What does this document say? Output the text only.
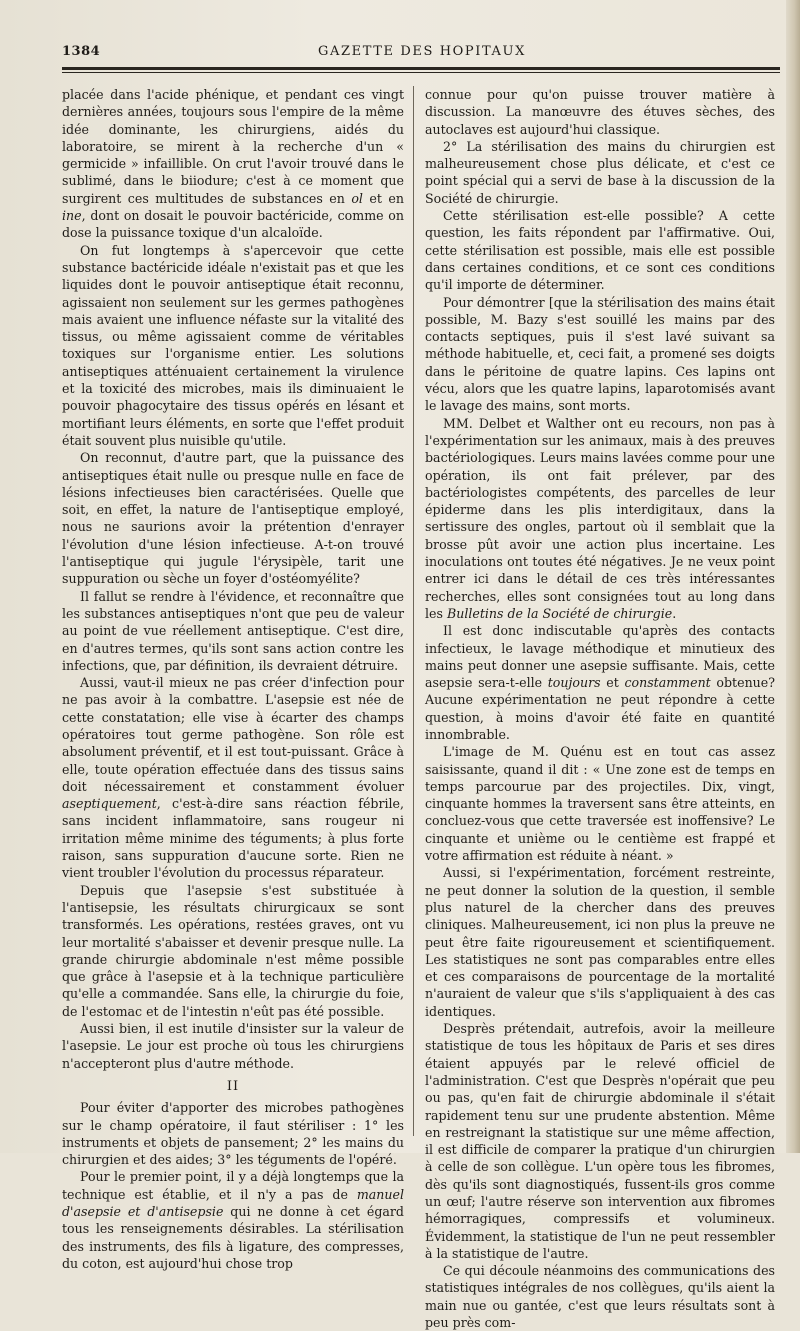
1384	GAZETTE DES HOPITAUX

placée dans l'acide phénique, et pendant ces vingt dernières années, toujours sous l'empire de la même idée dominante, les chirurgiens, aidés du laboratoire, se mirent à la recherche d'un « germicide » infaillible. On crut l'avoir trouvé dans le sublimé, dans le biiodure; c'est à ce moment que surgirent ces multitudes de substances en ol et en ine, dont on dosait le pouvoir bactéricide, comme on dose la puissance toxique d'un alcaloïde.

On fut longtemps à s'apercevoir que cette substance bactéricide idéale n'existait pas et que les liquides dont le pouvoir antiseptique était reconnu, agissaient non seulement sur les germes pathogènes mais avaient une influence néfaste sur la vitalité des tissus, ou même agissaient comme de véritables toxiques sur l'organisme entier. Les solutions antiseptiques atténuaient certainement la virulence et la toxicité des microbes, mais ils diminuaient le pouvoir phagocytaire des tissus opérés en lésant et mortifiant leurs éléments, en sorte que l'effet produit était souvent plus nuisible qu'utile.

On reconnut, d'autre part, que la puissance des antiseptiques était nulle ou presque nulle en face de lésions infectieuses bien caractérisées. Quelle que soit, en effet, la nature de l'antiseptique employé, nous ne saurions avoir la prétention d'enrayer l'évolution d'une lésion infectieuse. A-t-on trouvé l'antiseptique qui jugule l'érysipèle, tarit une suppuration ou sèche un foyer d'ostéomyélite?

Il fallut se rendre à l'évidence, et reconnaître que les substances antiseptiques n'ont que peu de valeur au point de vue réellement antiseptique. C'est dire, en d'autres termes, qu'ils sont sans action contre les infections, que, par définition, ils devraient détruire.

Aussi, vaut-il mieux ne pas créer d'infection pour ne pas avoir à la combattre. L'asepsie est née de cette constatation; elle vise à écarter des champs opératoires tout germe pathogène. Son rôle est absolument préventif, et il est tout-puissant. Grâce à elle, toute opération effectuée dans des tissus sains doit nécessairement et constamment évoluer aseptiquement, c'est-à-dire sans réaction fébrile, sans incident inflammatoire, sans rougeur ni irritation même minime des téguments; à plus forte raison, sans suppuration d'aucune sorte. Rien ne vient troubler l'évolution du processus réparateur.

Depuis que l'asepsie s'est substituée à l'antisepsie, les résultats chirurgicaux se sont transformés. Les opérations, restées graves, ont vu leur mortalité s'abaisser et devenir presque nulle. La grande chirurgie abdominale n'est même possible que grâce à l'asepsie et à la technique particulière qu'elle a commandée. Sans elle, la chirurgie du foie, de l'estomac et de l'intestin n'eût pas été possible.

Aussi bien, il est inutile d'insister sur la valeur de l'asepsie. Le jour est proche où tous les chirurgiens n'accepteront plus d'autre méthode.

II

Pour éviter d'apporter des microbes pathogènes sur le champ opératoire, il faut stériliser : 1° les instruments et objets de pansement; 2° les mains du chirurgien et des aides; 3° les téguments de l'opéré.

Pour le premier point, il y a déjà longtemps que la technique est établie, et il n'y a pas de manuel d'asepsie et d'antisepsie qui ne donne à cet égard tous les renseignements désirables. La stérilisation des instruments, des fils à ligature, des compresses, du coton, est aujourd'hui chose trop

connue pour qu'on puisse trouver matière à discussion. La manœuvre des étuves sèches, des autoclaves est aujourd'hui classique.

2° La stérilisation des mains du chirurgien est malheureusement chose plus délicate, et c'est ce point spécial qui a servi de base à la discussion de la Société de chirurgie.

Cette stérilisation est-elle possible? A cette question, les faits répondent par l'affirmative. Oui, cette stérilisation est possible, mais elle est possible dans certaines conditions, et ce sont ces conditions qu'il importe de déterminer.

Pour démontrer [que la stérilisation des mains était possible, M. Bazy s'est souillé les mains par des contacts septiques, puis il s'est lavé suivant sa méthode habituelle, et, ceci fait, a promené ses doigts dans le péritoine de quatre lapins. Ces lapins ont vécu, alors que les quatre lapins, laparotomisés avant le lavage des mains, sont morts.

MM. Delbet et Walther ont eu recours, non pas à l'expérimentation sur les animaux, mais à des preuves bactériologiques. Leurs mains lavées comme pour une opération, ils ont fait prélever, par des bactériologistes compétents, des parcelles de leur épiderme dans les plis interdigitaux, dans la sertissure des ongles, partout où il semblait que la brosse pût avoir une action plus incertaine. Les inoculations ont toutes été négatives. Je ne veux point entrer ici dans le détail de ces très intéressantes recherches, elles sont consignées tout au long dans les Bulletins de la Société de chirurgie.

Il est donc indiscutable qu'après des contacts infectieux, le lavage méthodique et minutieux des mains peut donner une asepsie suffisante. Mais, cette asepsie sera-t-elle toujours et constamment obtenue? Aucune expérimentation ne peut répondre à cette question, à moins d'avoir été faite en quantité innombrable.

L'image de M. Quénu est en tout cas assez saisissante, quand il dit : « Une zone est de temps en temps parcourue par des projectiles. Dix, vingt, cinquante hommes la traversent sans être atteints, en concluez-vous que cette traversée est inoffensive? Le cinquante et unième ou le centième est frappé et votre affirmation est réduite à néant. »

Aussi, si l'expérimentation, forcément restreinte, ne peut donner la solution de la question, il semble plus naturel de la chercher dans des preuves cliniques. Malheureusement, ici non plus la preuve ne peut être faite rigoureusement et scientifiquement. Les statistiques ne sont pas comparables entre elles et ces comparaisons de pourcentage de la mortalité n'auraient de valeur que s'ils s'appliquaient à des cas identiques.

Desprès prétendait, autrefois, avoir la meilleure statistique de tous les hôpitaux de Paris et ses dires étaient appuyés par le relevé officiel de l'administration. C'est que Desprès n'opérait que peu ou pas, qu'en fait de chirurgie abdominale il s'était rapidement tenu sur une prudente abstention. Même en restreignant la statistique sur une même affection, il est difficile de comparer la pratique d'un chirurgien à celle de son collègue. L'un opère tous les fibromes, dès qu'ils sont diagnostiqués, fussent-ils gros comme un œuf; l'autre réserve son intervention aux fibromes hémorragiques, compressifs et volumineux. Évidemment, la statistique de l'un ne peut ressembler à la statistique de l'autre.

Ce qui découle néanmoins des communications des statistiques intégrales de nos collègues, qu'ils aient la main nue ou gantée, c'est que leurs résultats sont à peu près com-
